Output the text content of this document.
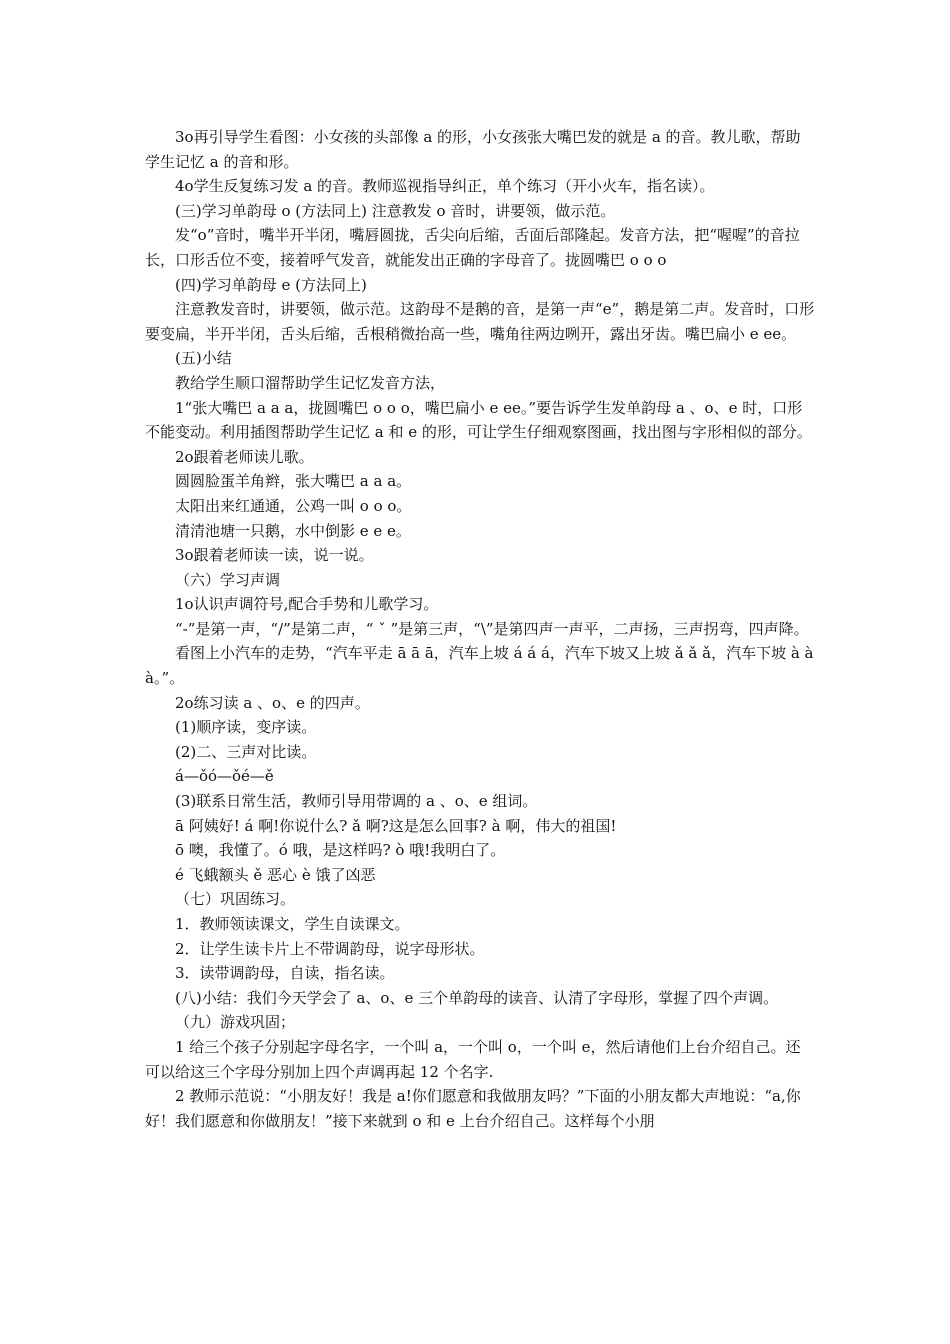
3o再引导学生看图：小女孩的头部像 a 的形，小女孩张大嘴巴发的就是 a 的音。教儿歌，帮助学生记忆 a 的音和形。

4o学生反复练习发 a 的音。教师巡视指导纠正，单个练习（开小火车，指名读）。

(三)学习单韵母 o (方法同上) 注意教发 o 音时，讲要领，做示范。

发“o”音时，嘴半开半闭，嘴唇圆拢，舌尖向后缩，舌面后部隆起。发音方法，把“喔喔”的音拉长，口形舌位不变，接着呼气发音，就能发出正确的字母音了。拢圆嘴巴 o o o

(四)学习单韵母 e (方法同上)

注意教发音时，讲要领，做示范。这韵母不是鹅的音，是第一声“e”，鹅是第二声。发音时，口形要变扁，半开半闭，舌头后缩，舌根稍微抬高一些，嘴角往两边咧开，露出牙齿。嘴巴扁小 e ee。

(五)小结

教给学生顺口溜帮助学生记忆发音方法，

1“张大嘴巴 a a a，拢圆嘴巴 o o o，嘴巴扁小 e ee。”要告诉学生发单韵母 a 、o、e 时，口形不能变动。利用插图帮助学生记忆 a 和 e 的形，可让学生仔细观察图画，找出图与字形相似的部分。

2o跟着老师读儿歌。

圆圆脸蛋羊角辫，张大嘴巴 a a a。

太阳出来红通通，公鸡一叫 o o o。

清清池塘一只鹅，水中倒影 e e e。

3o跟着老师读一读，说一说。

（六）学习声调

1o认识声调符号,配合手势和儿歌学习。

“-”是第一声，“/”是第二声，“ ˇ ”是第三声，“\”是第四声一声平，二声扬，三声拐弯，四声降。

看图上小汽车的走势，“汽车平走 ā ā ā，汽车上坡 á á á，汽车下坡又上坡 ǎ ǎ ǎ，汽车下坡 à à à。”。

2o练习读 a 、o、e 的四声。

(1)顺序读，变序读。

(2)二、三声对比读。

á—ǒó—ǒé—ě

(3)联系日常生活，教师引导用带调的 a 、o、e 组词。

ā 阿姨好! á 啊!你说什么? ǎ 啊?这是怎么回事? à 啊，伟大的祖国!

ō 噢，我懂了。ó 哦，是这样吗? ò 哦!我明白了。

é 飞蛾额头 ě 恶心 è 饿了凶恶

（七）巩固练习。

1．教师领读课文，学生自读课文。

2．让学生读卡片上不带调韵母，说字母形状。

3．读带调韵母，自读，指名读。

(八)小结：我们今天学会了 a、o、e 三个单韵母的读音、认清了字母形，掌握了四个声调。

（九）游戏巩固；

1 给三个孩子分别起字母名字，一个叫 a，一个叫 o，一个叫 e，然后请他们上台介绍自己。还可以给这三个字母分别加上四个声调再起 12 个名字.

2 教师示范说：“小朋友好！我是 a!你们愿意和我做朋友吗？”下面的小朋友都大声地说：“a,你好！我们愿意和你做朋友！”接下来就到 o 和 e 上台介绍自己。这样每个小朋
